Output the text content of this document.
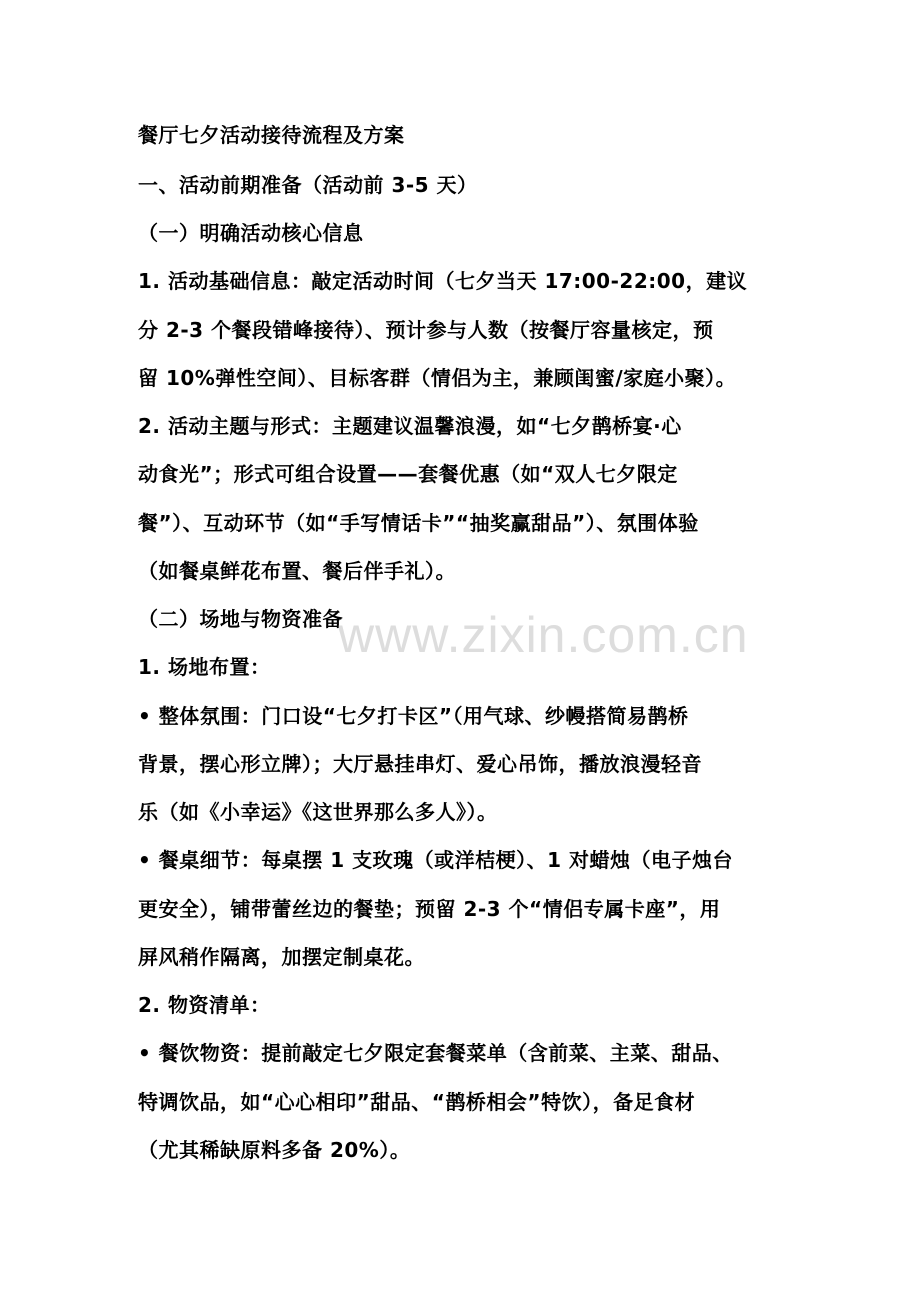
餐厅七夕活动接待流程及方案
一、活动前期准备（活动前 3-5 天）
（一）明确活动核心信息
1. 活动基础信息：敲定活动时间（七夕当天 17:00-22:00，建议
分 2-3 个餐段错峰接待）、预计参与人数（按餐厅容量核定，预
留 10%弹性空间）、目标客群（情侣为主，兼顾闺蜜/家庭小聚）。
2. 活动主题与形式：主题建议温馨浪漫，如“七夕鹊桥宴·心
动食光”；形式可组合设置——套餐优惠（如“双人七夕限定
餐”）、互动环节（如“手写情话卡”“抽奖赢甜品”）、氛围体验
（如餐桌鲜花布置、餐后伴手礼）。
（二）场地与物资准备
1. 场地布置：
• 整体氛围：门口设“七夕打卡区”（用气球、纱幔搭简易鹊桥
背景，摆心形立牌）；大厅悬挂串灯、爱心吊饰，播放浪漫轻音
乐（如《小幸运》《这世界那么多人》）。
• 餐桌细节：每桌摆 1 支玫瑰（或洋桔梗）、1 对蜡烛（电子烛台
更安全），铺带蕾丝边的餐垫；预留 2-3 个“情侣专属卡座”，用
屏风稍作隔离，加摆定制桌花。
2. 物资清单：
• 餐饮物资：提前敲定七夕限定套餐菜单（含前菜、主菜、甜品、
特调饮品，如“心心相印”甜品、“鹊桥相会”特饮），备足食材
（尤其稀缺原料多备 20%）。
www.zixin.com.cn
